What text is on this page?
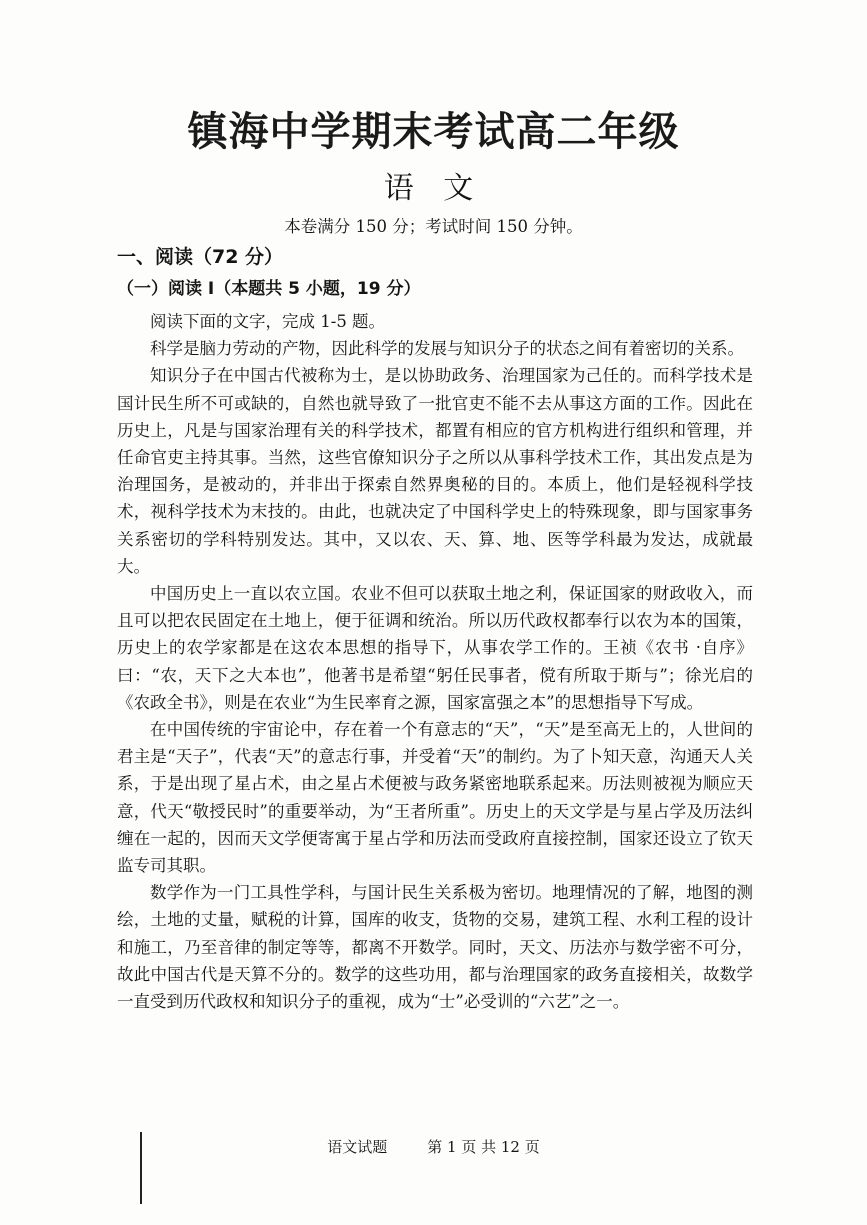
镇海中学期末考试高二年级
语 文
本卷满分 150 分；考试时间 150 分钟。
一、阅读（72 分）
（一）阅读 I（本题共 5 小题，19 分）

阅读下面的文字，完成 1-5 题。

科学是脑力劳动的产物，因此科学的发展与知识分子的状态之间有着密切的关系。

知识分子在中国古代被称为士，是以协助政务、治理国家为己任的。而科学技术是国计民生所不可或缺的，自然也就导致了一批官吏不能不去从事这方面的工作。因此在历史上，凡是与国家治理有关的科学技术，都置有相应的官方机构进行组织和管理，并任命官吏主持其事。当然，这些官僚知识分子之所以从事科学技术工作，其出发点是为治理国务，是被动的，并非出于探索自然界奥秘的目的。本质上，他们是轻视科学技术，视科学技术为末技的。由此，也就决定了中国科学史上的特殊现象，即与国家事务关系密切的学科特别发达。其中，又以农、天、算、地、医等学科最为发达，成就最大。

中国历史上一直以农立国。农业不但可以获取土地之利，保证国家的财政收入，而且可以把农民固定在土地上，便于征调和统治。所以历代政权都奉行以农为本的国策，历史上的农学家都是在这农本思想的指导下，从事农学工作的。王祯《农书 ·自序》曰：“农，天下之大本也”，他著书是希望“躬任民事者，傥有所取于斯与”；徐光启的《农政全书》，则是在农业“为生民率育之源，国家富强之本”的思想指导下写成。

在中国传统的宇宙论中，存在着一个有意志的“天”，“天”是至高无上的，人世间的君主是“天子”，代表“天”的意志行事，并受着“天”的制约。为了卜知天意，沟通天人关系，于是出现了星占术，由之星占术便被与政务紧密地联系起来。历法则被视为顺应天意，代天“敬授民时”的重要举动，为“王者所重”。历史上的天文学是与星占学及历法纠缠在一起的，因而天文学便寄寓于星占学和历法而受政府直接控制，国家还设立了钦天监专司其职。

数学作为一门工具性学科，与国计民生关系极为密切。地理情况的了解，地图的测绘，土地的丈量，赋税的计算，国库的收支，货物的交易，建筑工程、水利工程的设计和施工，乃至音律的制定等等，都离不开数学。同时，天文、历法亦与数学密不可分，故此中国古代是天算不分的。数学的这些功用，都与治理国家的政务直接相关，故数学一直受到历代政权和知识分子的重视，成为“士”必受训的“六艺”之一。

语文试题	第 1 页 共 12 页
